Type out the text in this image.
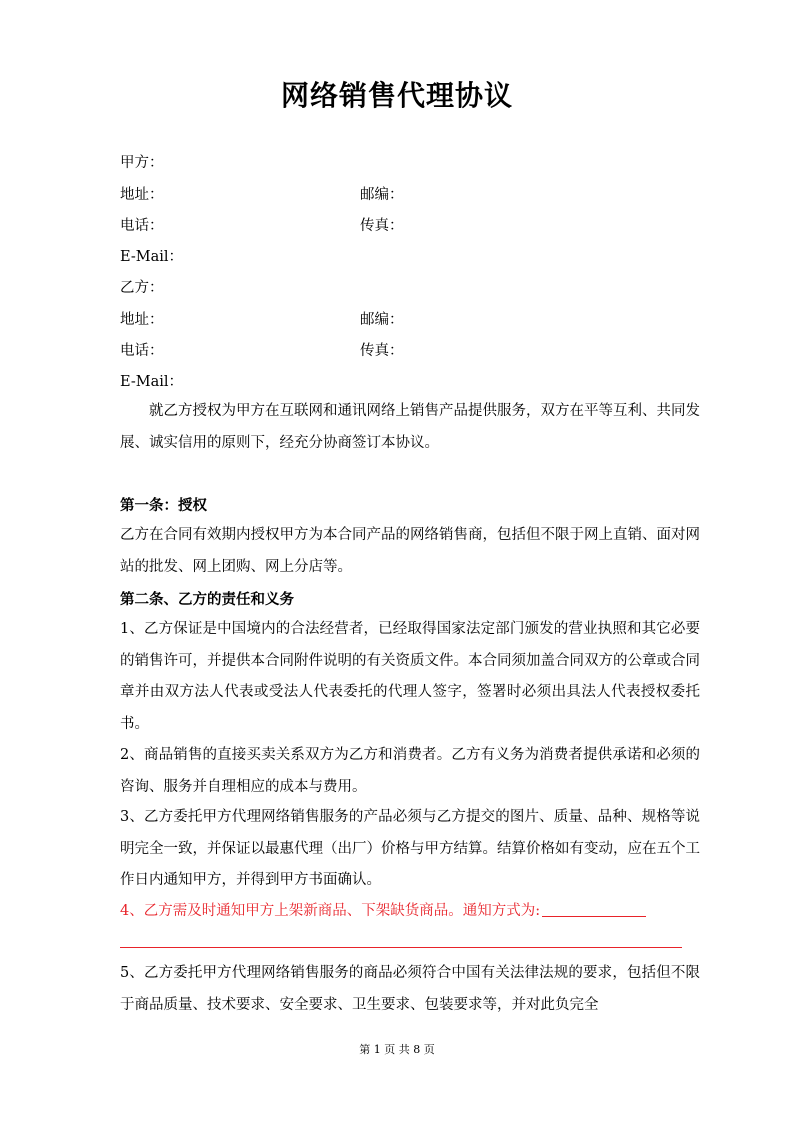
网络销售代理协议
甲方：
地址：	邮编：
电话：	传真：
E-Mail：
乙方：
地址：	邮编：
电话：	传真：
E-Mail：
就乙方授权为甲方在互联网和通讯网络上销售产品提供服务，双方在平等互利、共同发展、诚实信用的原则下，经充分协商签订本协议。
第一条：授权
乙方在合同有效期内授权甲方为本合同产品的网络销售商，包括但不限于网上直销、面对网站的批发、网上团购、网上分店等。
第二条、乙方的责任和义务
1、乙方保证是中国境内的合法经营者，已经取得国家法定部门颁发的营业执照和其它必要的销售许可，并提供本合同附件说明的有关资质文件。本合同须加盖合同双方的公章或合同章并由双方法人代表或受法人代表委托的代理人签字，签署时必须出具法人代表授权委托书。
2、商品销售的直接买卖关系双方为乙方和消费者。乙方有义务为消费者提供承诺和必须的咨询、服务并自理相应的成本与费用。
3、乙方委托甲方代理网络销售服务的产品必须与乙方提交的图片、质量、品种、规格等说明完全一致，并保证以最惠代理（出厂）价格与甲方结算。结算价格如有变动，应在五个工作日内通知甲方，并得到甲方书面确认。
4、乙方需及时通知甲方上架新商品、下架缺货商品。通知方式为:
5、乙方委托甲方代理网络销售服务的商品必须符合中国有关法律法规的要求，包括但不限于商品质量、技术要求、安全要求、卫生要求、包装要求等，并对此负完全
第 1 页 共 8 页
